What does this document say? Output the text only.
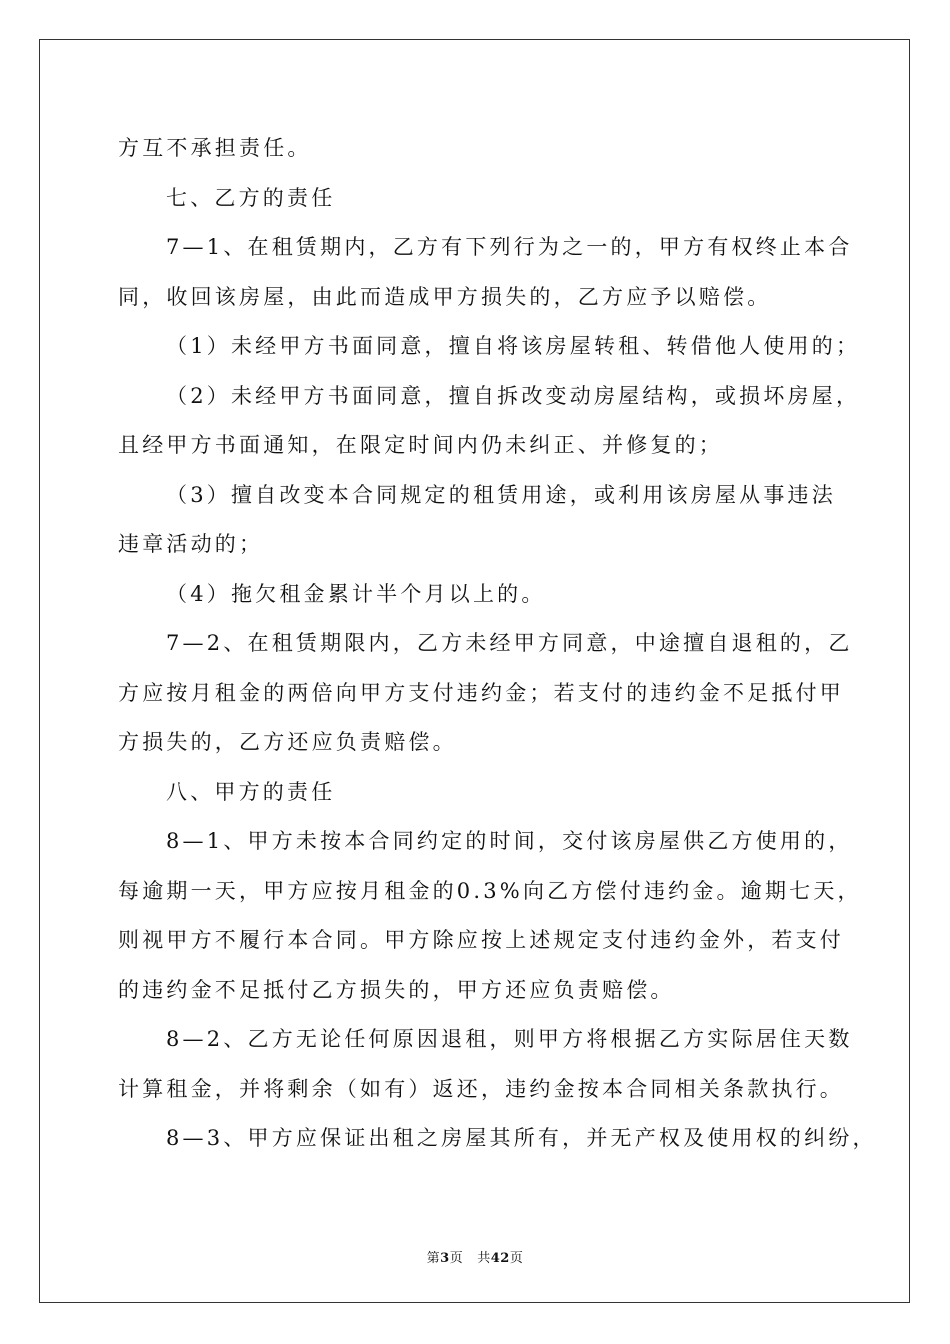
方互不承担责任。
七、乙方的责任
7—1、在租赁期内，乙方有下列行为之一的，甲方有权终止本合
同，收回该房屋，由此而造成甲方损失的，乙方应予以赔偿。
（1）未经甲方书面同意，擅自将该房屋转租、转借他人使用的；
（2）未经甲方书面同意，擅自拆改变动房屋结构，或损坏房屋，
且经甲方书面通知，在限定时间内仍未纠正、并修复的；
（3）擅自改变本合同规定的租赁用途，或利用该房屋从事违法
违章活动的；
（4）拖欠租金累计半个月以上的。
7—2、在租赁期限内，乙方未经甲方同意，中途擅自退租的，乙
方应按月租金的两倍向甲方支付违约金；若支付的违约金不足抵付甲
方损失的，乙方还应负责赔偿。
八、甲方的责任
8—1、甲方未按本合同约定的时间，交付该房屋供乙方使用的，
每逾期一天，甲方应按月租金的0.3%向乙方偿付违约金。逾期七天，
则视甲方不履行本合同。甲方除应按上述规定支付违约金外，若支付
的违约金不足抵付乙方损失的，甲方还应负责赔偿。
8—2、乙方无论任何原因退租，则甲方将根据乙方实际居住天数
计算租金，并将剩余（如有）返还，违约金按本合同相关条款执行。
8—3、甲方应保证出租之房屋其所有，并无产权及使用权的纠纷，
第3页 共42页
